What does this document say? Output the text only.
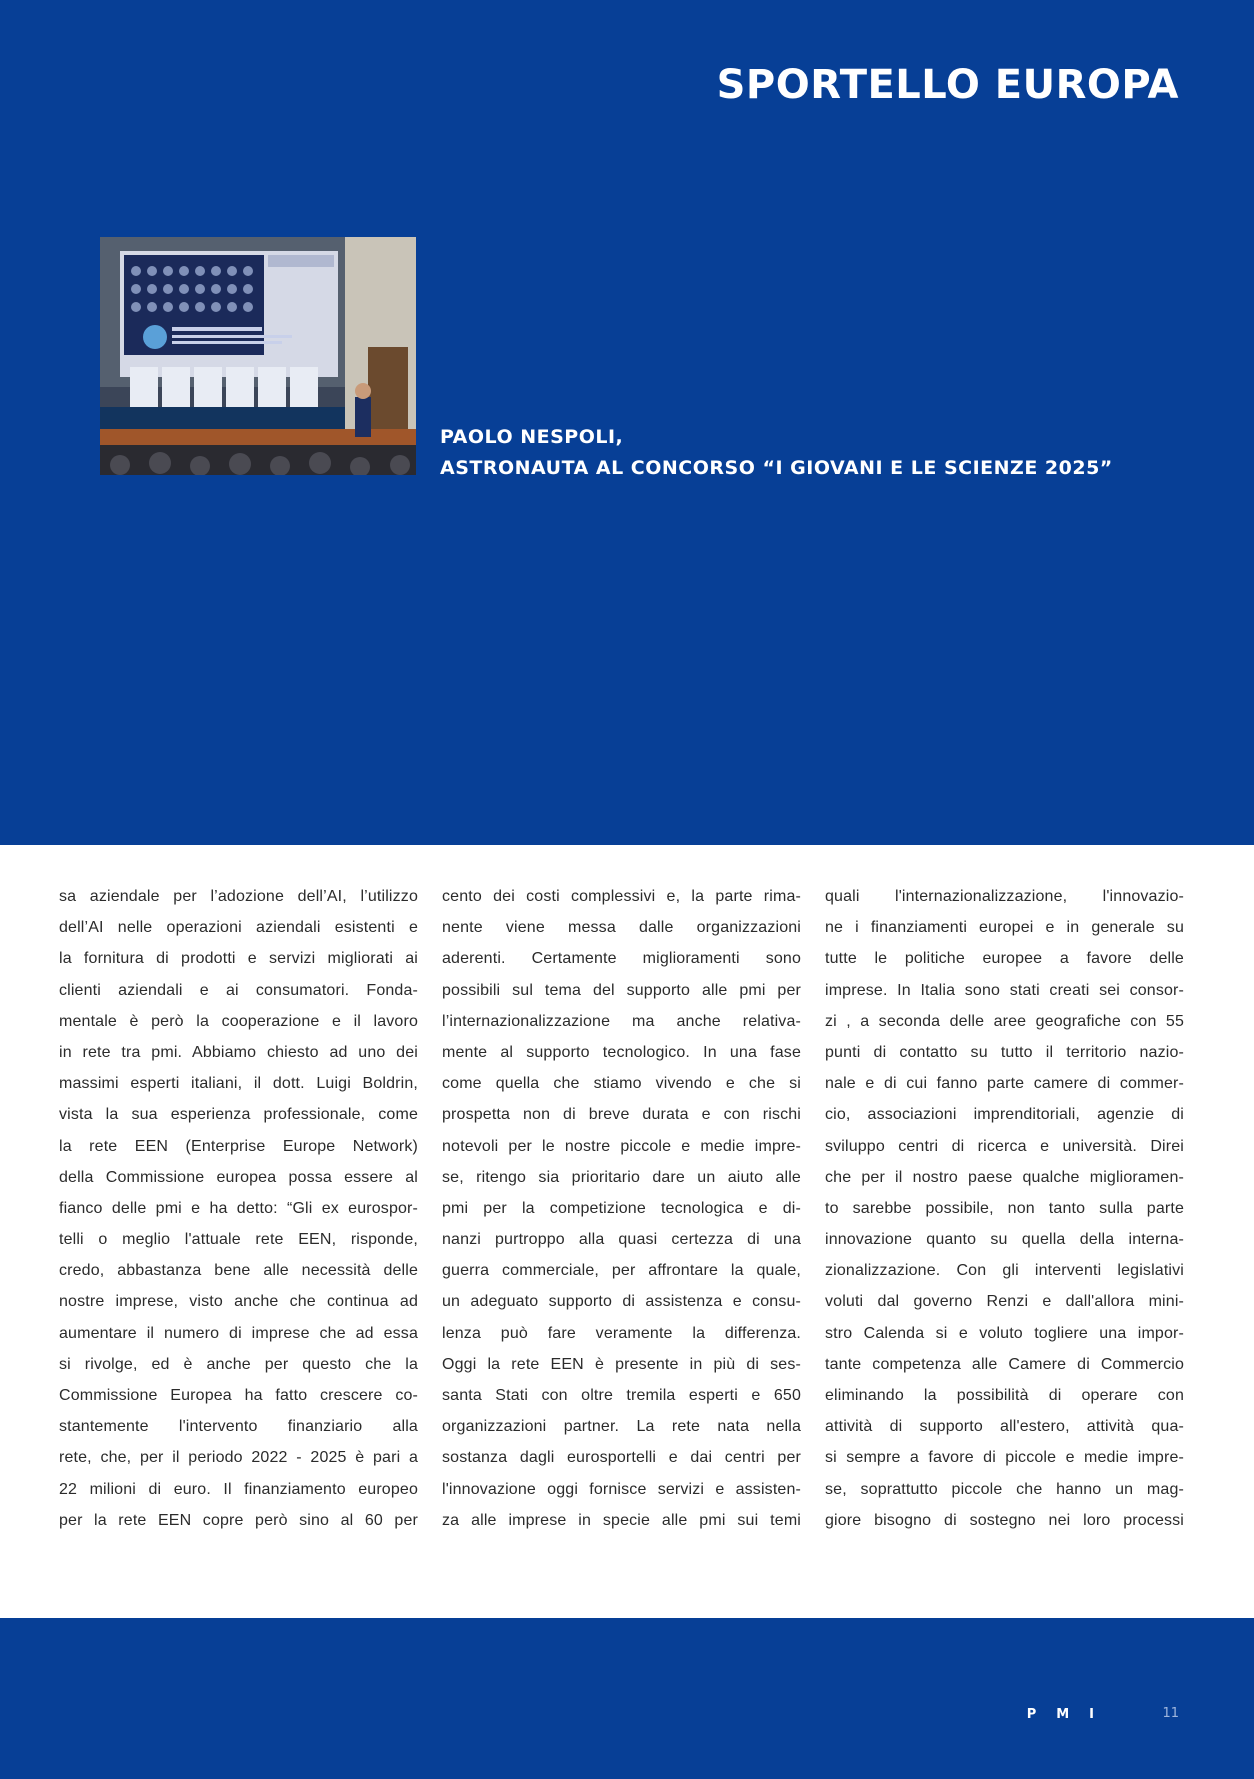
SPORTELLO EUROPA
PAOLO NESPOLI,
ASTRONAUTA AL CONCORSO “I GIOVANI E LE SCIENZE 2025”
sa aziendale per l’adozione dell’AI, l’utilizzo
dell’AI nelle operazioni aziendali esistenti e
la fornitura di prodotti e servizi migliorati ai
clienti aziendali e ai consumatori. Fonda-
mentale è però la cooperazione e il lavoro
in rete tra pmi. Abbiamo chiesto ad uno dei
massimi esperti italiani, il dott. Luigi Boldrin,
vista la sua esperienza professionale, come
la rete EEN (Enterprise Europe Network)
della Commissione europea possa essere al
fianco delle pmi e ha detto: “Gli ex eurospor-
telli o meglio l'attuale rete EEN, risponde,
credo, abbastanza bene alle necessità delle
nostre imprese, visto anche che continua ad
aumentare il numero di imprese che ad essa
si rivolge, ed è anche per questo che la
Commissione Europea ha fatto crescere co-
stantemente l'intervento finanziario alla
rete, che, per il periodo 2022 - 2025 è pari a
22 milioni di euro. Il finanziamento europeo
per la rete EEN copre però sino al 60 per
cento dei costi complessivi e, la parte rima-
nente viene messa dalle organizzazioni
aderenti. Certamente miglioramenti sono
possibili sul tema del supporto alle pmi per
l’internazionalizzazione ma anche relativa-
mente al supporto tecnologico. In una fase
come quella che stiamo vivendo e che si
prospetta non di breve durata e con rischi
notevoli per le nostre piccole e medie impre-
se, ritengo sia prioritario dare un aiuto alle
pmi per la competizione tecnologica e di-
nanzi purtroppo alla quasi certezza di una
guerra commerciale, per affrontare la quale,
un adeguato supporto di assistenza e consu-
lenza può fare veramente la differenza.
Oggi la rete EEN è presente in più di ses-
santa Stati con oltre tremila esperti e 650
organizzazioni partner. La rete nata nella
sostanza dagli eurosportelli e dai centri per
l'innovazione oggi fornisce servizi e assisten-
za alle imprese in specie alle pmi sui temi
quali l'internazionalizzazione, l'innovazio-
ne i finanziamenti europei e in generale su
tutte le politiche europee a favore delle
imprese. In Italia sono stati creati sei consor-
zi , a seconda delle aree geografiche con 55
punti di contatto su tutto il territorio nazio-
nale e di cui fanno parte camere di commer-
cio, associazioni imprenditoriali, agenzie di
sviluppo centri di ricerca e università. Direi
che per il nostro paese qualche miglioramen-
to sarebbe possibile, non tanto sulla parte
innovazione quanto su quella della interna-
zionalizzazione. Con gli interventi legislativi
voluti dal governo Renzi e dall'allora mini-
stro Calenda si e voluto togliere una impor-
tante competenza alle Camere di Commercio
eliminando la possibilità di operare con
attività di supporto all'estero, attività qua-
si sempre a favore di piccole e medie impre-
se, soprattutto piccole che hanno un mag-
giore bisogno di sostegno nei loro processi
PMI	11
